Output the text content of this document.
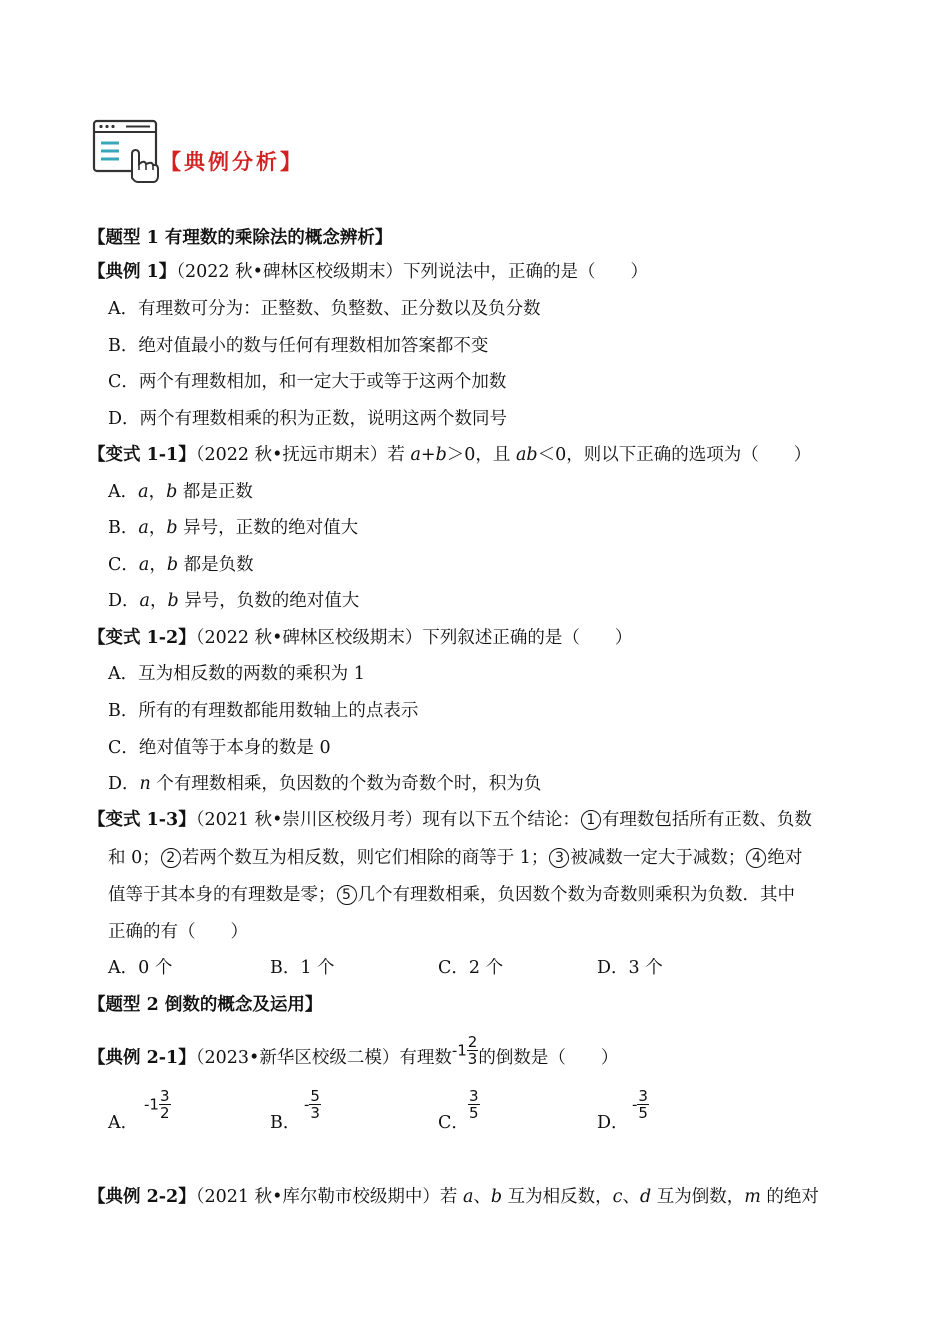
【典例分析】
【题型 1 有理数的乘除法的概念辨析】
【典例 1】（2022 秋•碑林区校级期末）下列说法中，正确的是（　　）
A．有理数可分为：正整数、负整数、正分数以及负分数
B．绝对值最小的数与任何有理数相加答案都不变
C．两个有理数相加，和一定大于或等于这两个加数
D．两个有理数相乘的积为正数，说明这两个数同号
【变式 1-1】（2022 秋•抚远市期末）若 a+b＞0，且 ab＜0，则以下正确的选项为（　　）
A．a，b 都是正数
B．a，b 异号，正数的绝对值大
C．a，b 都是负数
D．a，b 异号，负数的绝对值大
【变式 1-2】（2022 秋•碑林区校级期末）下列叙述正确的是（　　）
A．互为相反数的两数的乘积为 1
B．所有的有理数都能用数轴上的点表示
C．绝对值等于本身的数是 0
D．n 个有理数相乘，负因数的个数为奇数个时，积为负
【变式 1-3】（2021 秋•崇川区校级月考）现有以下五个结论： 1 有理数包括所有正数、负数
和 0； 2 若两个数互为相反数，则它们相除的商等于 1； 3 被减数一定大于减数； 4 绝对
值等于其本身的有理数是零； 5 几个有理数相乘，负因数个数为奇数则乘积为负数．其中
正确的有（　　）
A．0 个	B．1 个	C．2 个	D．3 个
【题型 2 倒数的概念及运用】
【典例 2-1】（2023•新华区校级二模）有理数$-1 \frac{2}{3}$ 的倒数是（　　）
A．
$-1 \frac{3}{2}$
B．
- $\frac{5}{3}$
C．
$\frac{3}{5}$
D．
- $\frac{3}{5}$
【典例 2-2】（2021 秋•库尔勒市校级期中）若 a、b 互为相反数，c、d 互为倒数，m 的绝对
